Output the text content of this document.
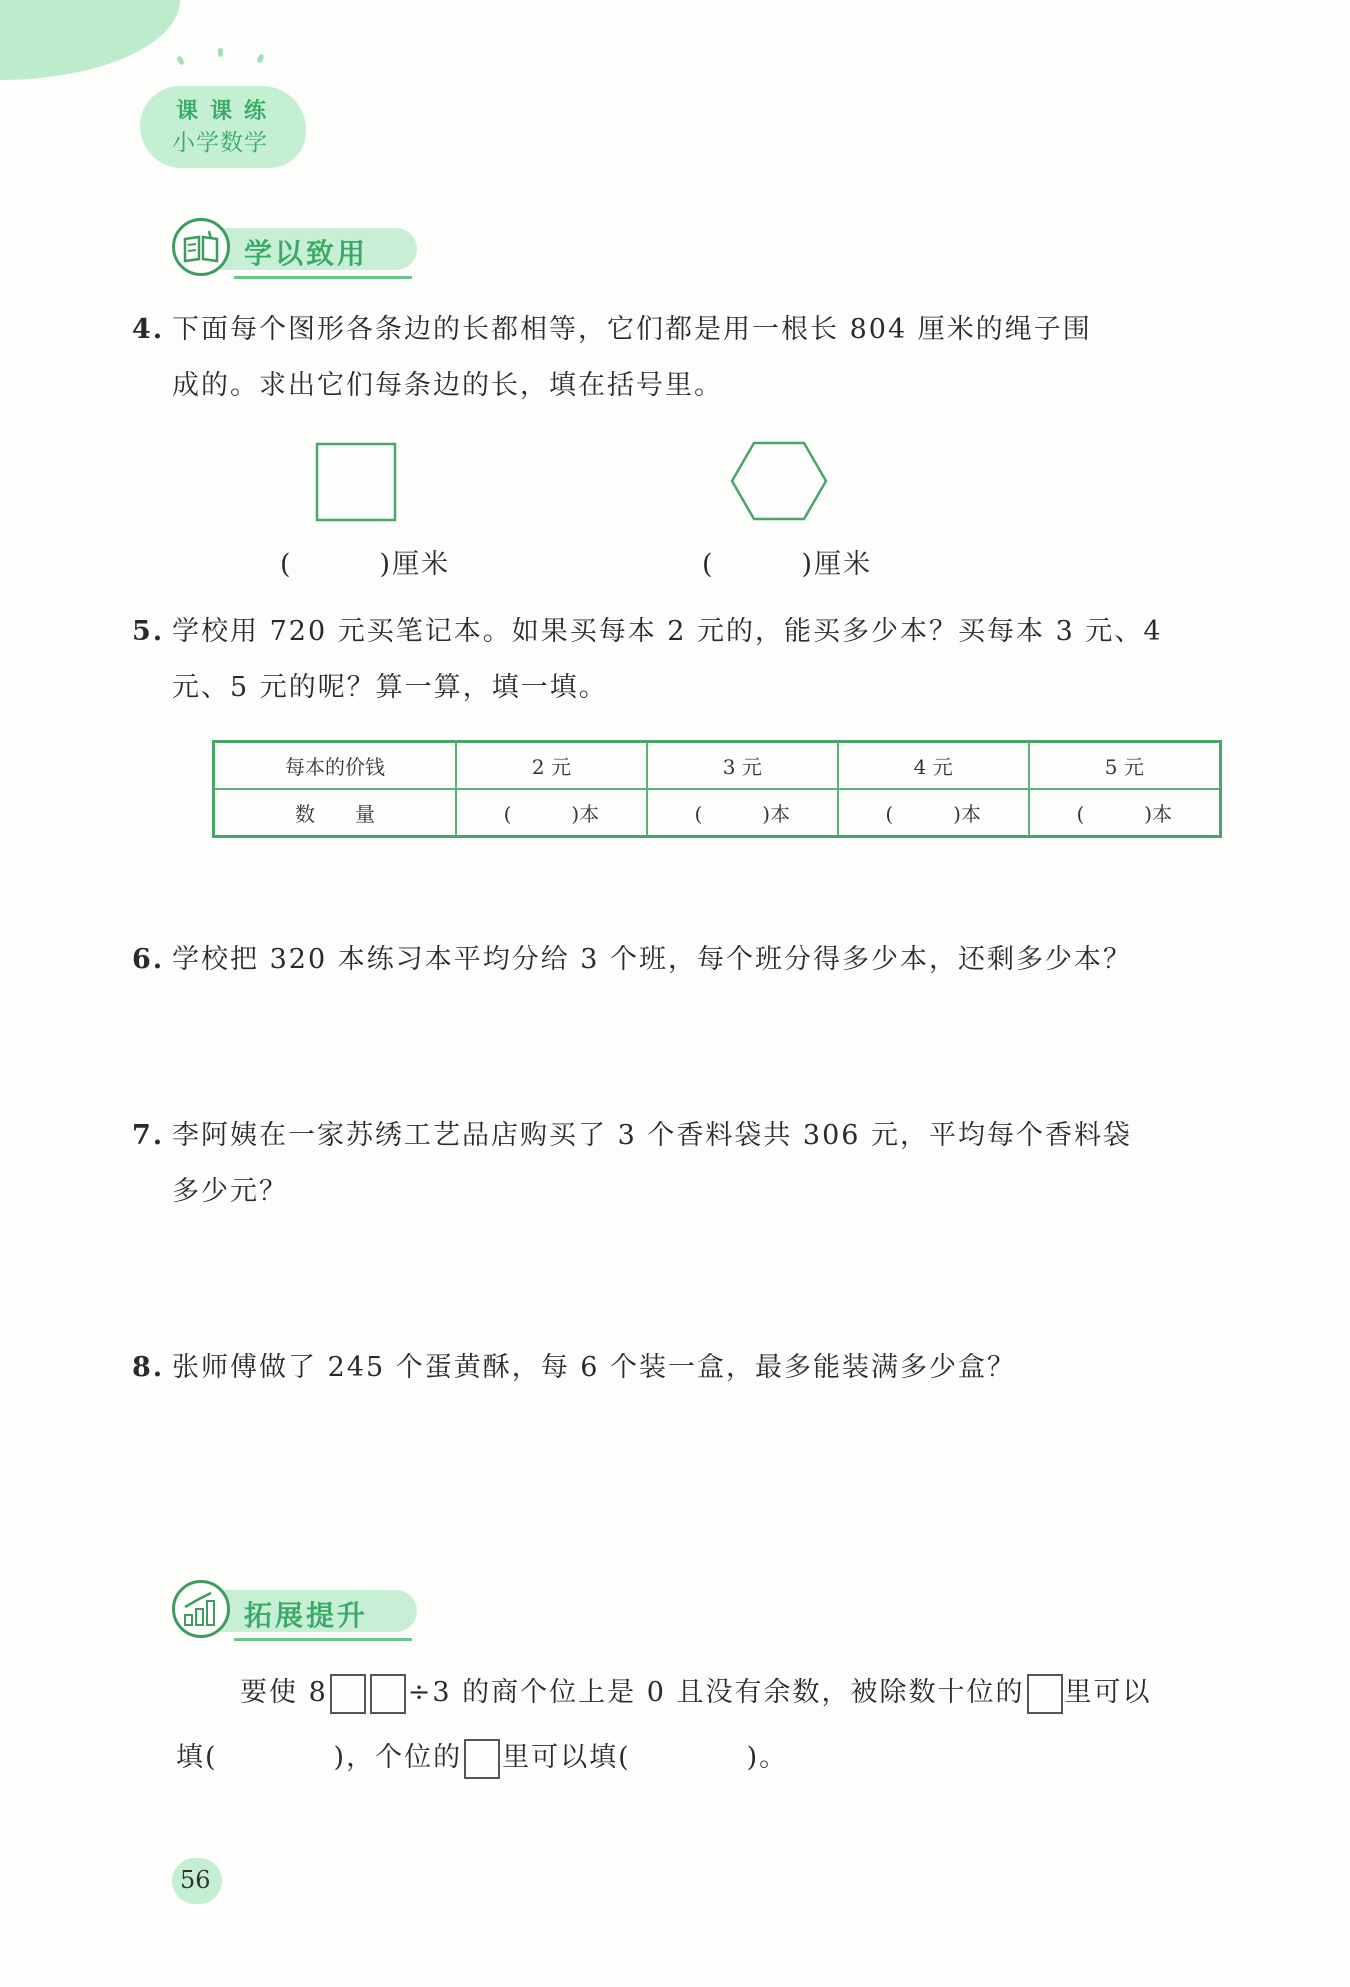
课课练
小学数学
学以致用
4. 下面每个图形各条边的长都相等，它们都是用一根长 804 厘米的绳子围
成的。求出它们每条边的长，填在括号里。
(　　　)厘米	(　　　)厘米
5. 学校用 720 元买笔记本。如果买每本 2 元的，能买多少本？买每本 3 元、4
元、5 元的呢？算一算，填一填。
每本的价钱	2 元	3 元	4 元	5 元
数　　量	(　　　)本	(　　　)本	(　　　)本	(　　　)本
6. 学校把 320 本练习本平均分给 3 个班，每个班分得多少本，还剩多少本？
7. 李阿姨在一家苏绣工艺品店购买了 3 个香料袋共 306 元，平均每个香料袋
多少元？
8. 张师傅做了 245 个蛋黄酥，每 6 个装一盒，最多能装满多少盒？
拓展提升
要使 8	÷3 的商个位上是 0 且没有余数，被除数十位的 里可以
填(　　　　)，个位的 里可以填(　　　　)。
56
